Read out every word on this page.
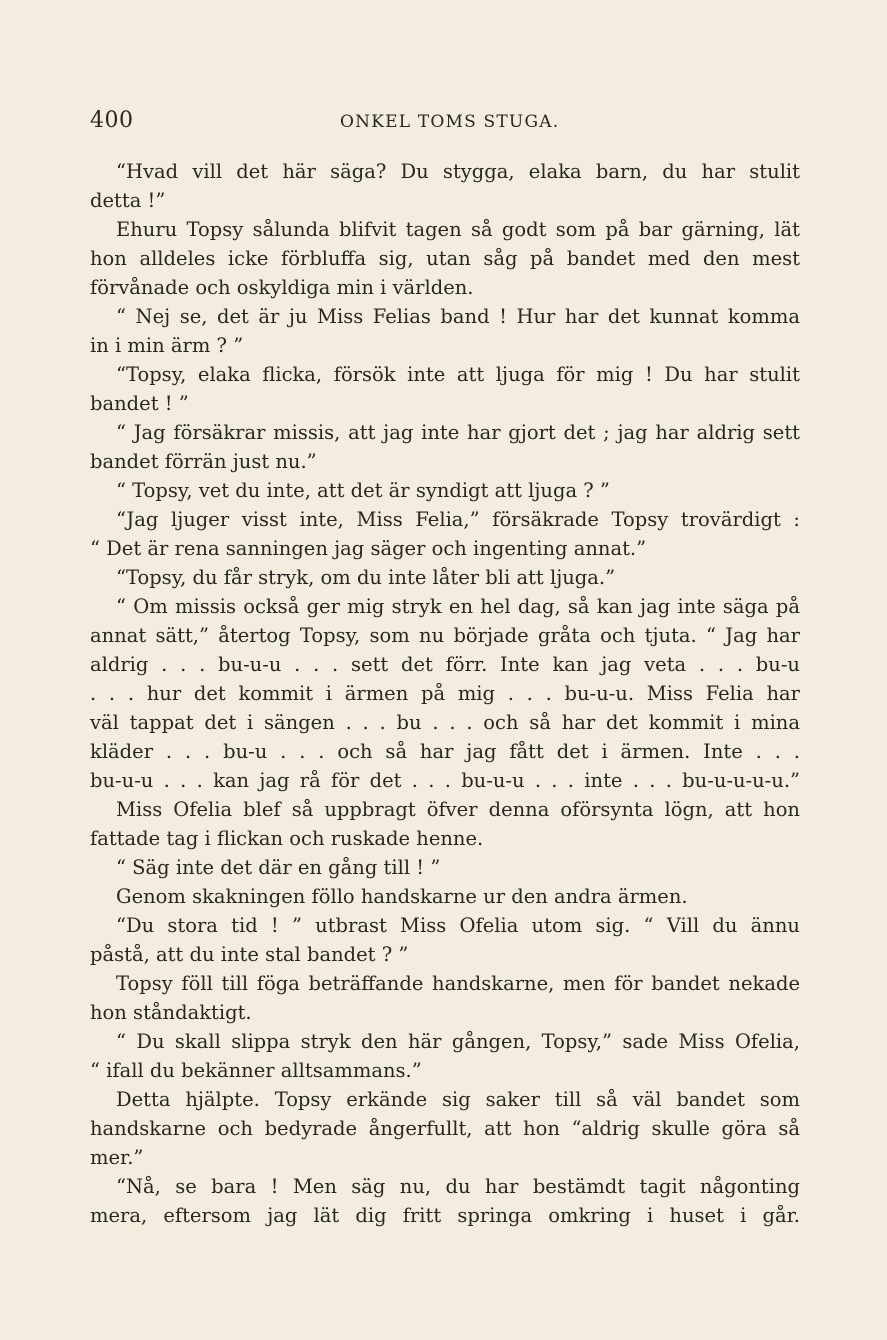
400	ONKEL TOMS STUGA.
“Hvad vill det här säga? Du stygga, elaka barn, du har stulit
detta !”
Ehuru Topsy sålunda blifvit tagen så godt som på bar gärning, lät
hon alldeles icke förbluffa sig, utan såg på bandet med den mest
förvånade och oskyldiga min i världen.
“ Nej se, det är ju Miss Felias band ! Hur har det kunnat komma
in i min ärm ? ”
“Topsy, elaka flicka, försök inte att ljuga för mig ! Du har stulit
bandet ! ”
“ Jag försäkrar missis, att jag inte har gjort det ; jag har aldrig sett
bandet förrän just nu.”
“ Topsy, vet du inte, att det är syndigt att ljuga ? ”
“Jag ljuger visst inte, Miss Felia,” försäkrade Topsy trovärdigt :
“ Det är rena sanningen jag säger och ingenting annat.”
“Topsy, du får stryk, om du inte låter bli att ljuga.”
“ Om missis också ger mig stryk en hel dag, så kan jag inte säga på
annat sätt,” återtog Topsy, som nu började gråta och tjuta. “ Jag har
aldrig . . . bu-u-u . . . sett det förr. Inte kan jag veta . . . bu-u
. . . hur det kommit i ärmen på mig . . . bu-u-u. Miss Felia har
väl tappat det i sängen . . . bu . . . och så har det kommit i mina
kläder . . . bu-u . . . och så har jag fått det i ärmen. Inte . . .
bu-u-u . . . kan jag rå för det . . . bu-u-u . . . inte . . . bu-u-u-u-u.”
Miss Ofelia blef så uppbragt öfver denna oförsynta lögn, att hon
fattade tag i flickan och ruskade henne.
“ Säg inte det där en gång till ! ”
Genom skakningen föllo handskarne ur den andra ärmen.
“Du stora tid ! ” utbrast Miss Ofelia utom sig. “ Vill du ännu
påstå, att du inte stal bandet ? ”
Topsy föll till föga beträffande handskarne, men för bandet nekade
hon ståndaktigt.
“ Du skall slippa stryk den här gången, Topsy,” sade Miss Ofelia,
“ ifall du bekänner alltsammans.”
Detta hjälpte. Topsy erkände sig saker till så väl bandet som
handskarne och bedyrade ångerfullt, att hon “aldrig skulle göra så
mer.”
“Nå, se bara ! Men säg nu, du har bestämdt tagit någonting
mera, eftersom jag lät dig fritt springa omkring i huset i går.
